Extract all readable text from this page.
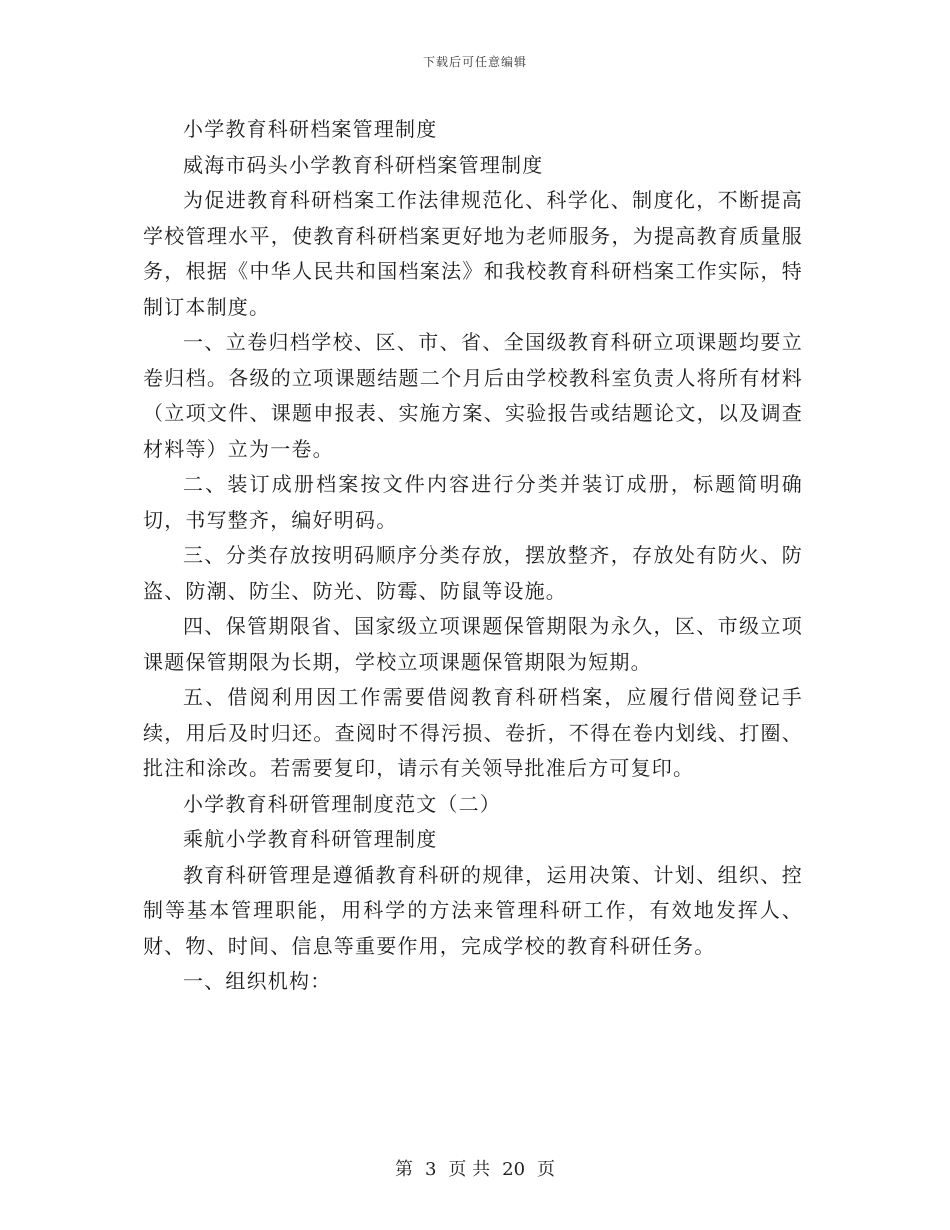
下载后可任意编辑

小学教育科研档案管理制度

威海市码头小学教育科研档案管理制度

为促进教育科研档案工作法律规范化、科学化、制度化，不断提高学校管理水平，使教育科研档案更好地为老师服务，为提高教育质量服务，根据《中华人民共和国档案法》和我校教育科研档案工作实际，特制订本制度。

一、立卷归档学校、区、市、省、全国级教育科研立项课题均要立卷归档。各级的立项课题结题二个月后由学校教科室负责人将所有材料（立项文件、课题申报表、实施方案、实验报告或结题论文，以及调查材料等）立为一卷。

二、装订成册档案按文件内容进行分类并装订成册，标题简明确切，书写整齐，编好明码。

三、分类存放按明码顺序分类存放，摆放整齐，存放处有防火、防盗、防潮、防尘、防光、防霉、防鼠等设施。

四、保管期限省、国家级立项课题保管期限为永久，区、市级立项课题保管期限为长期，学校立项课题保管期限为短期。

五、借阅利用因工作需要借阅教育科研档案，应履行借阅登记手续，用后及时归还。查阅时不得污损、卷折，不得在卷内划线、打圈、批注和涂改。若需要复印，请示有关领导批准后方可复印。

小学教育科研管理制度范文（二）

乘航小学教育科研管理制度

教育科研管理是遵循教育科研的规律，运用决策、计划、组织、控制等基本管理职能，用科学的方法来管理科研工作，有效地发挥人、财、物、时间、信息等重要作用，完成学校的教育科研任务。

一、组织机构：

第 3 页 共 20 页
